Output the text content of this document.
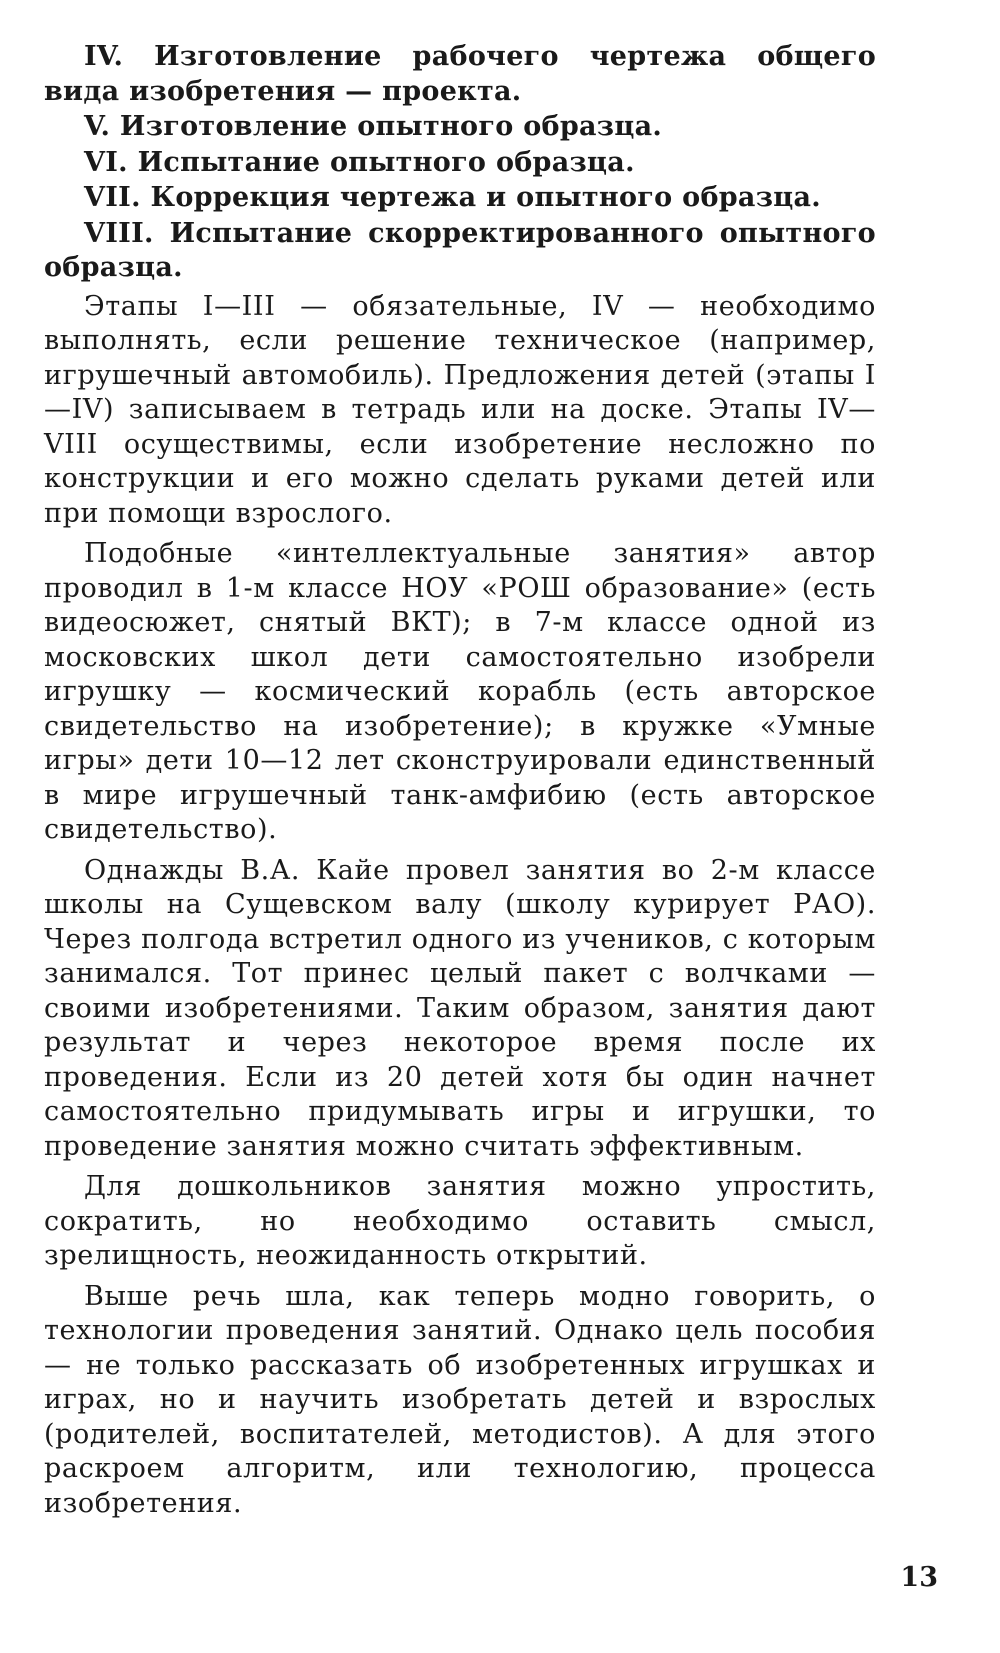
IV. Изготовление рабочего чертежа общего вида изобретения — проекта.

V. Изготовление опытного образца.

VI. Испытание опытного образца.

VII. Коррекция чертежа и опытного образца.

VIII. Испытание скорректированного опытного образца.

Этапы I—III — обязательные, IV — необходимо выполнять, если решение техническое (например, игрушечный автомобиль). Предложения детей (этапы I—IV) записываем в тетрадь или на доске. Этапы IV—VIII осуществимы, если изобретение несложно по конструкции и его можно сделать руками детей или при помощи взрослого.

Подобные «интеллектуальные занятия» автор проводил в 1-м классе НОУ «РОШ образование» (есть видеосюжет, снятый ВКТ); в 7-м классе одной из московских школ дети самостоятельно изобрели игрушку — космический корабль (есть авторское свидетельство на изобретение); в кружке «Умные игры» дети 10—12 лет сконструировали единственный в мире игрушечный танк-амфибию (есть авторское свидетельство).

Однажды В.А. Кайе провел занятия во 2-м классе школы на Сущевском валу (школу курирует РАО). Через полгода встретил одного из учеников, с которым занимался. Тот принес целый пакет с волчками — своими изобретениями. Таким образом, занятия дают результат и через некоторое время после их проведения. Если из 20 детей хотя бы один начнет самостоятельно придумывать игры и игрушки, то проведение занятия можно считать эффективным.

Для дошкольников занятия можно упростить, сократить, но необходимо оставить смысл, зрелищность, неожиданность открытий.

Выше речь шла, как теперь модно говорить, о технологии проведения занятий. Однако цель пособия — не только рассказать об изобретенных игрушках и играх, но и научить изобретать детей и взрослых (родителей, воспитателей, методистов). А для этого раскроем алгоритм, или технологию, процесса изобретения.

13
